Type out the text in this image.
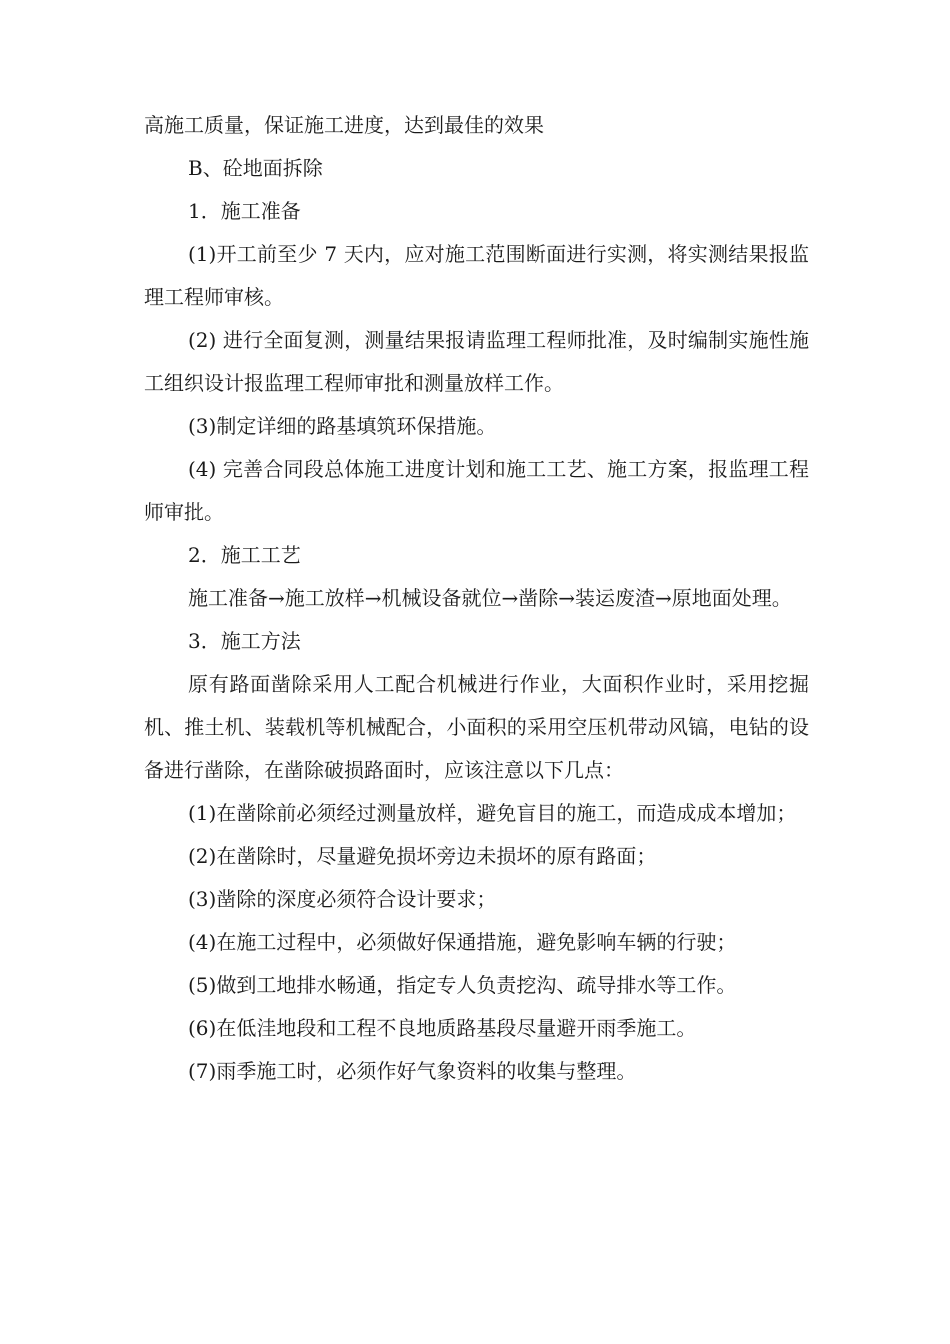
高施工质量，保证施工进度，达到最佳的效果

B、砼地面拆除

1．施工准备

(1)开工前至少 7 天内，应对施工范围断面进行实测，将实测结果报监理工程师审核。

(2) 进行全面复测，测量结果报请监理工程师批准，及时编制实施性施工组织设计报监理工程师审批和测量放样工作。

(3)制定详细的路基填筑环保措施。

(4) 完善合同段总体施工进度计划和施工工艺、施工方案，报监理工程师审批。

2．施工工艺

施工准备→施工放样→机械设备就位→凿除→装运废渣→原地面处理。

3．施工方法

原有路面凿除采用人工配合机械进行作业，大面积作业时，采用挖掘机、推土机、装载机等机械配合，小面积的采用空压机带动风镐，电钻的设备进行凿除，在凿除破损路面时，应该注意以下几点：

(1)在凿除前必须经过测量放样，避免盲目的施工，而造成成本增加；

(2)在凿除时，尽量避免损坏旁边未损坏的原有路面；

(3)凿除的深度必须符合设计要求；

(4)在施工过程中，必须做好保通措施，避免影响车辆的行驶；

(5)做到工地排水畅通，指定专人负责挖沟、疏导排水等工作。

(6)在低洼地段和工程不良地质路基段尽量避开雨季施工。

(7)雨季施工时，必须作好气象资料的收集与整理。
